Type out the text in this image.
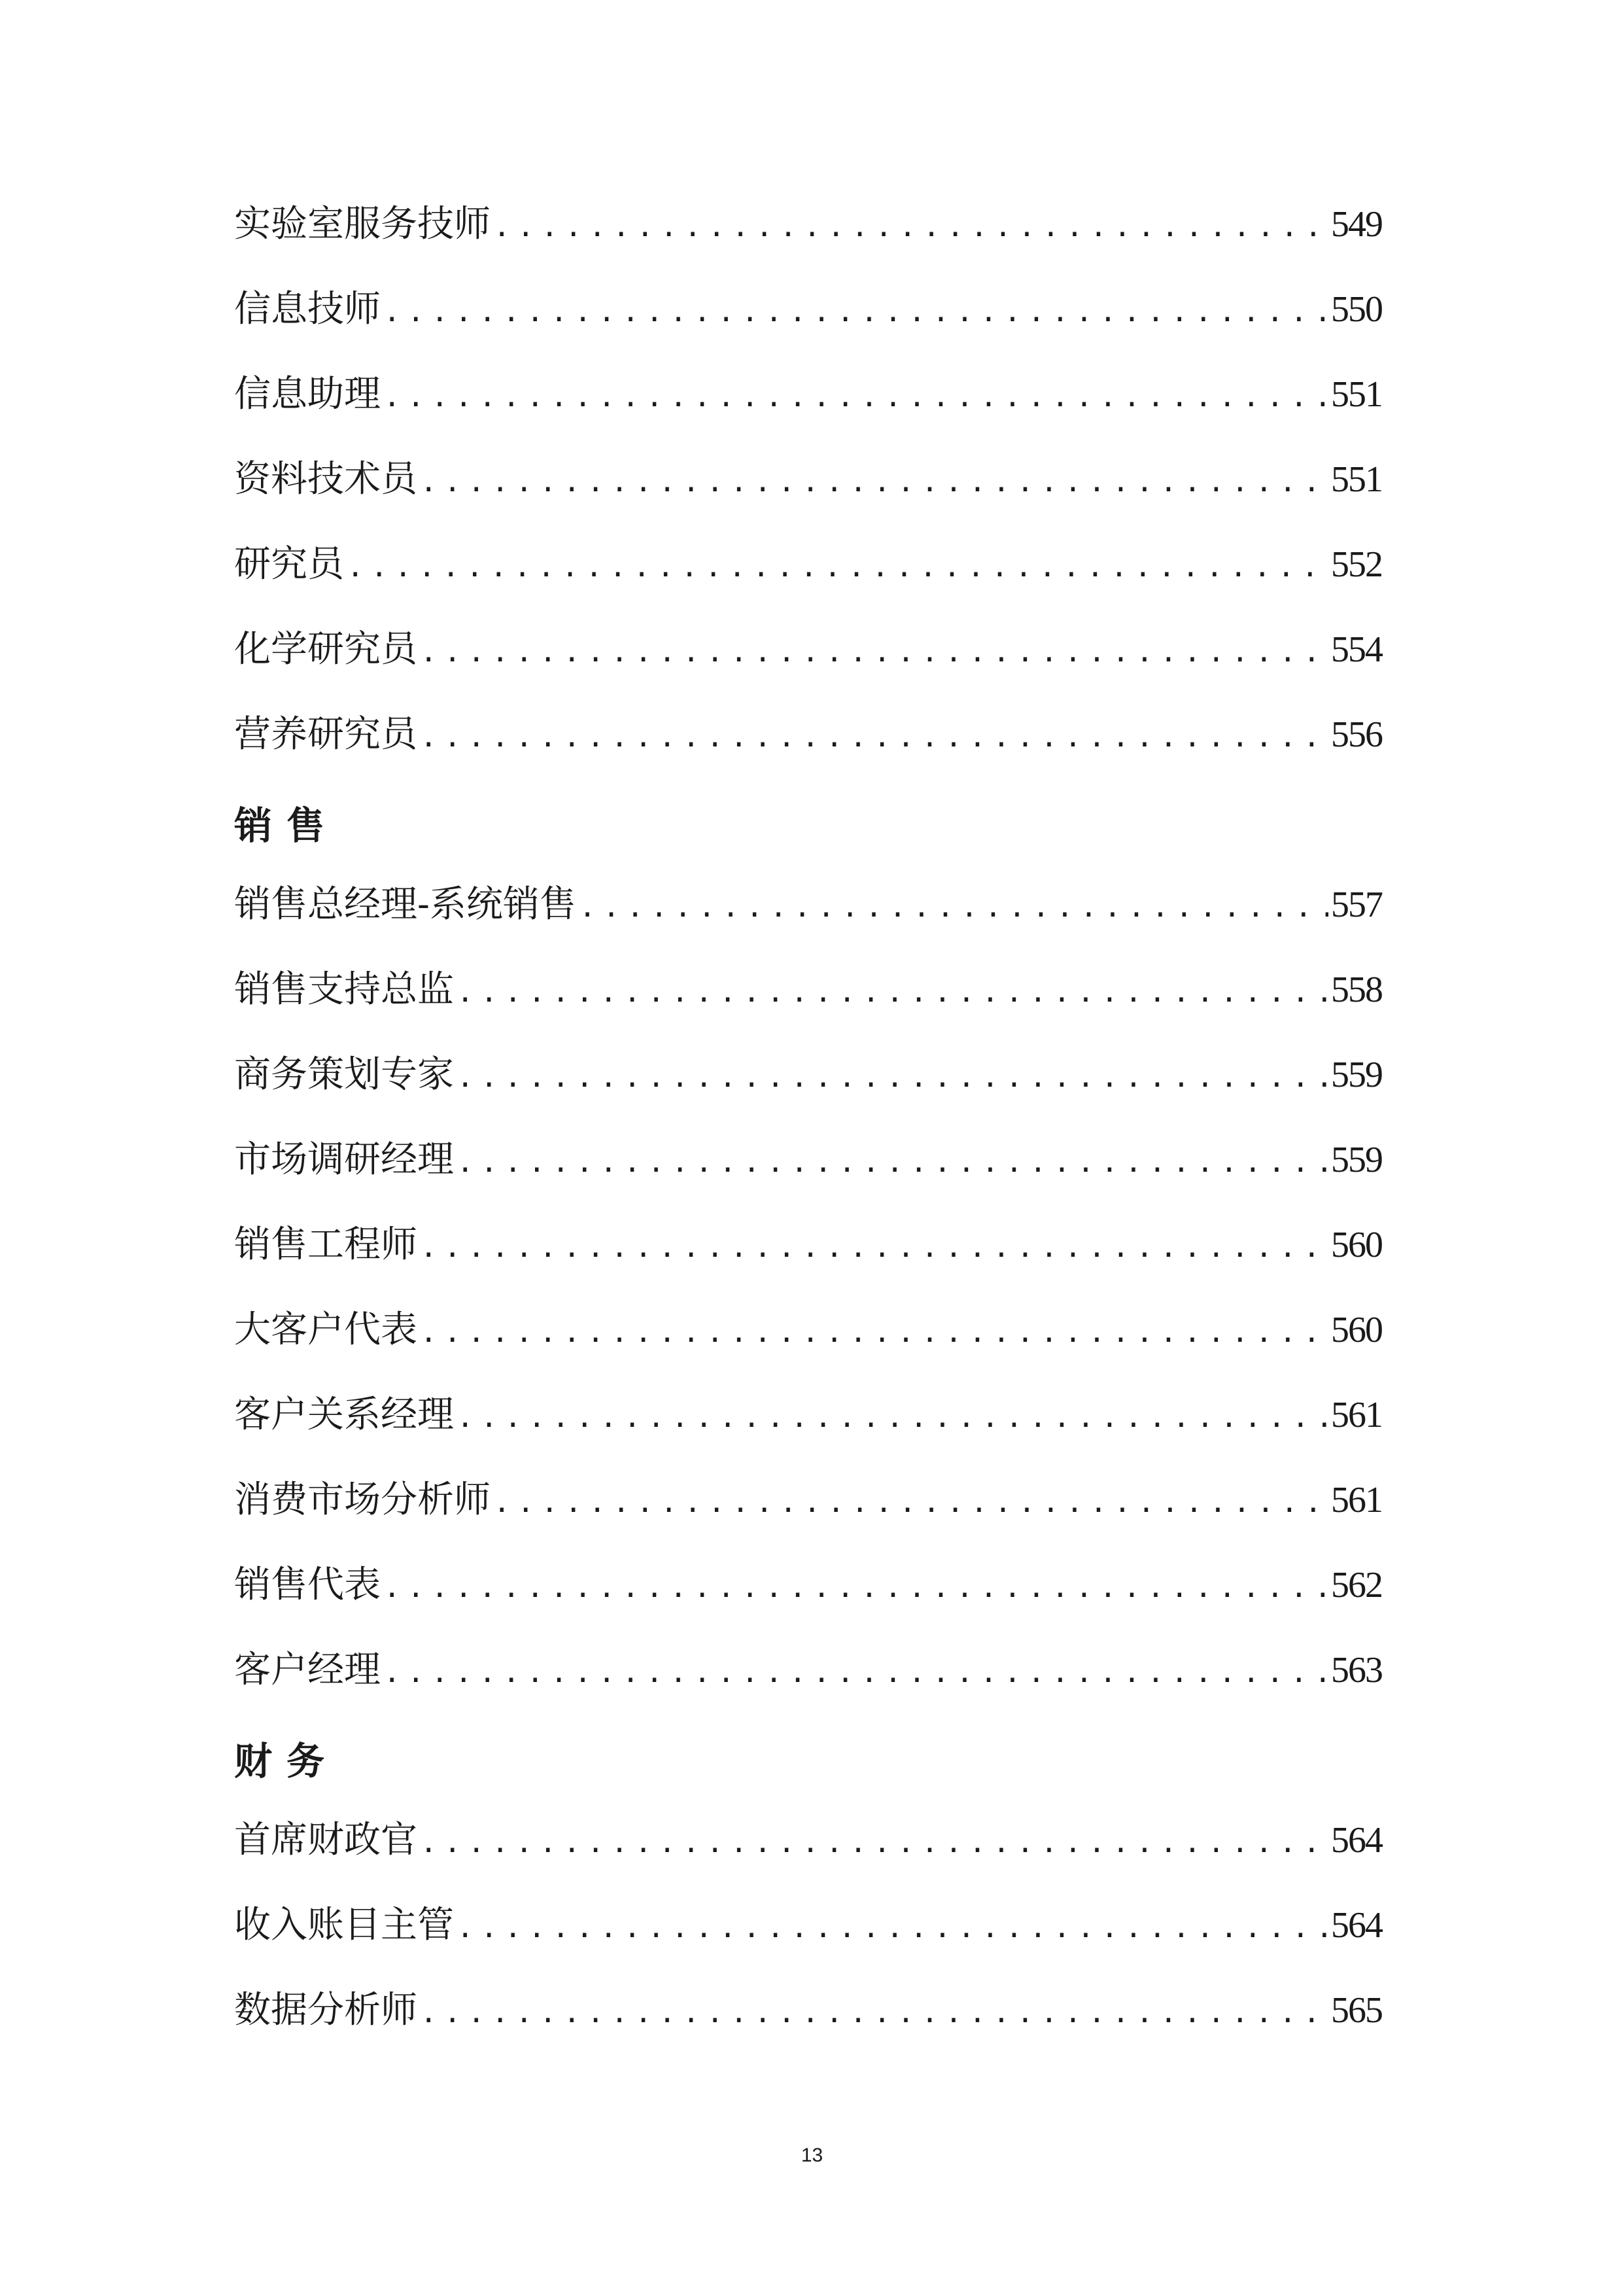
实验室服务技师 .....	549
信息技师 .....	550
信息助理 .....	551
资料技术员 .....	551
研究员 .....	552
化学研究员 .....	554
营养研究员 .....	556
销售
销售总经理-系统销售 .....	557
销售支持总监 .....	558
商务策划专家 .....	559
市场调研经理 .....	559
销售工程师 .....	560
大客户代表 .....	560
客户关系经理 .....	561
消费市场分析师 .....	561
销售代表 .....	562
客户经理 .....	563
财务
首席财政官 .....	564
收入账目主管 .....	564
数据分析师 .....	565
13
